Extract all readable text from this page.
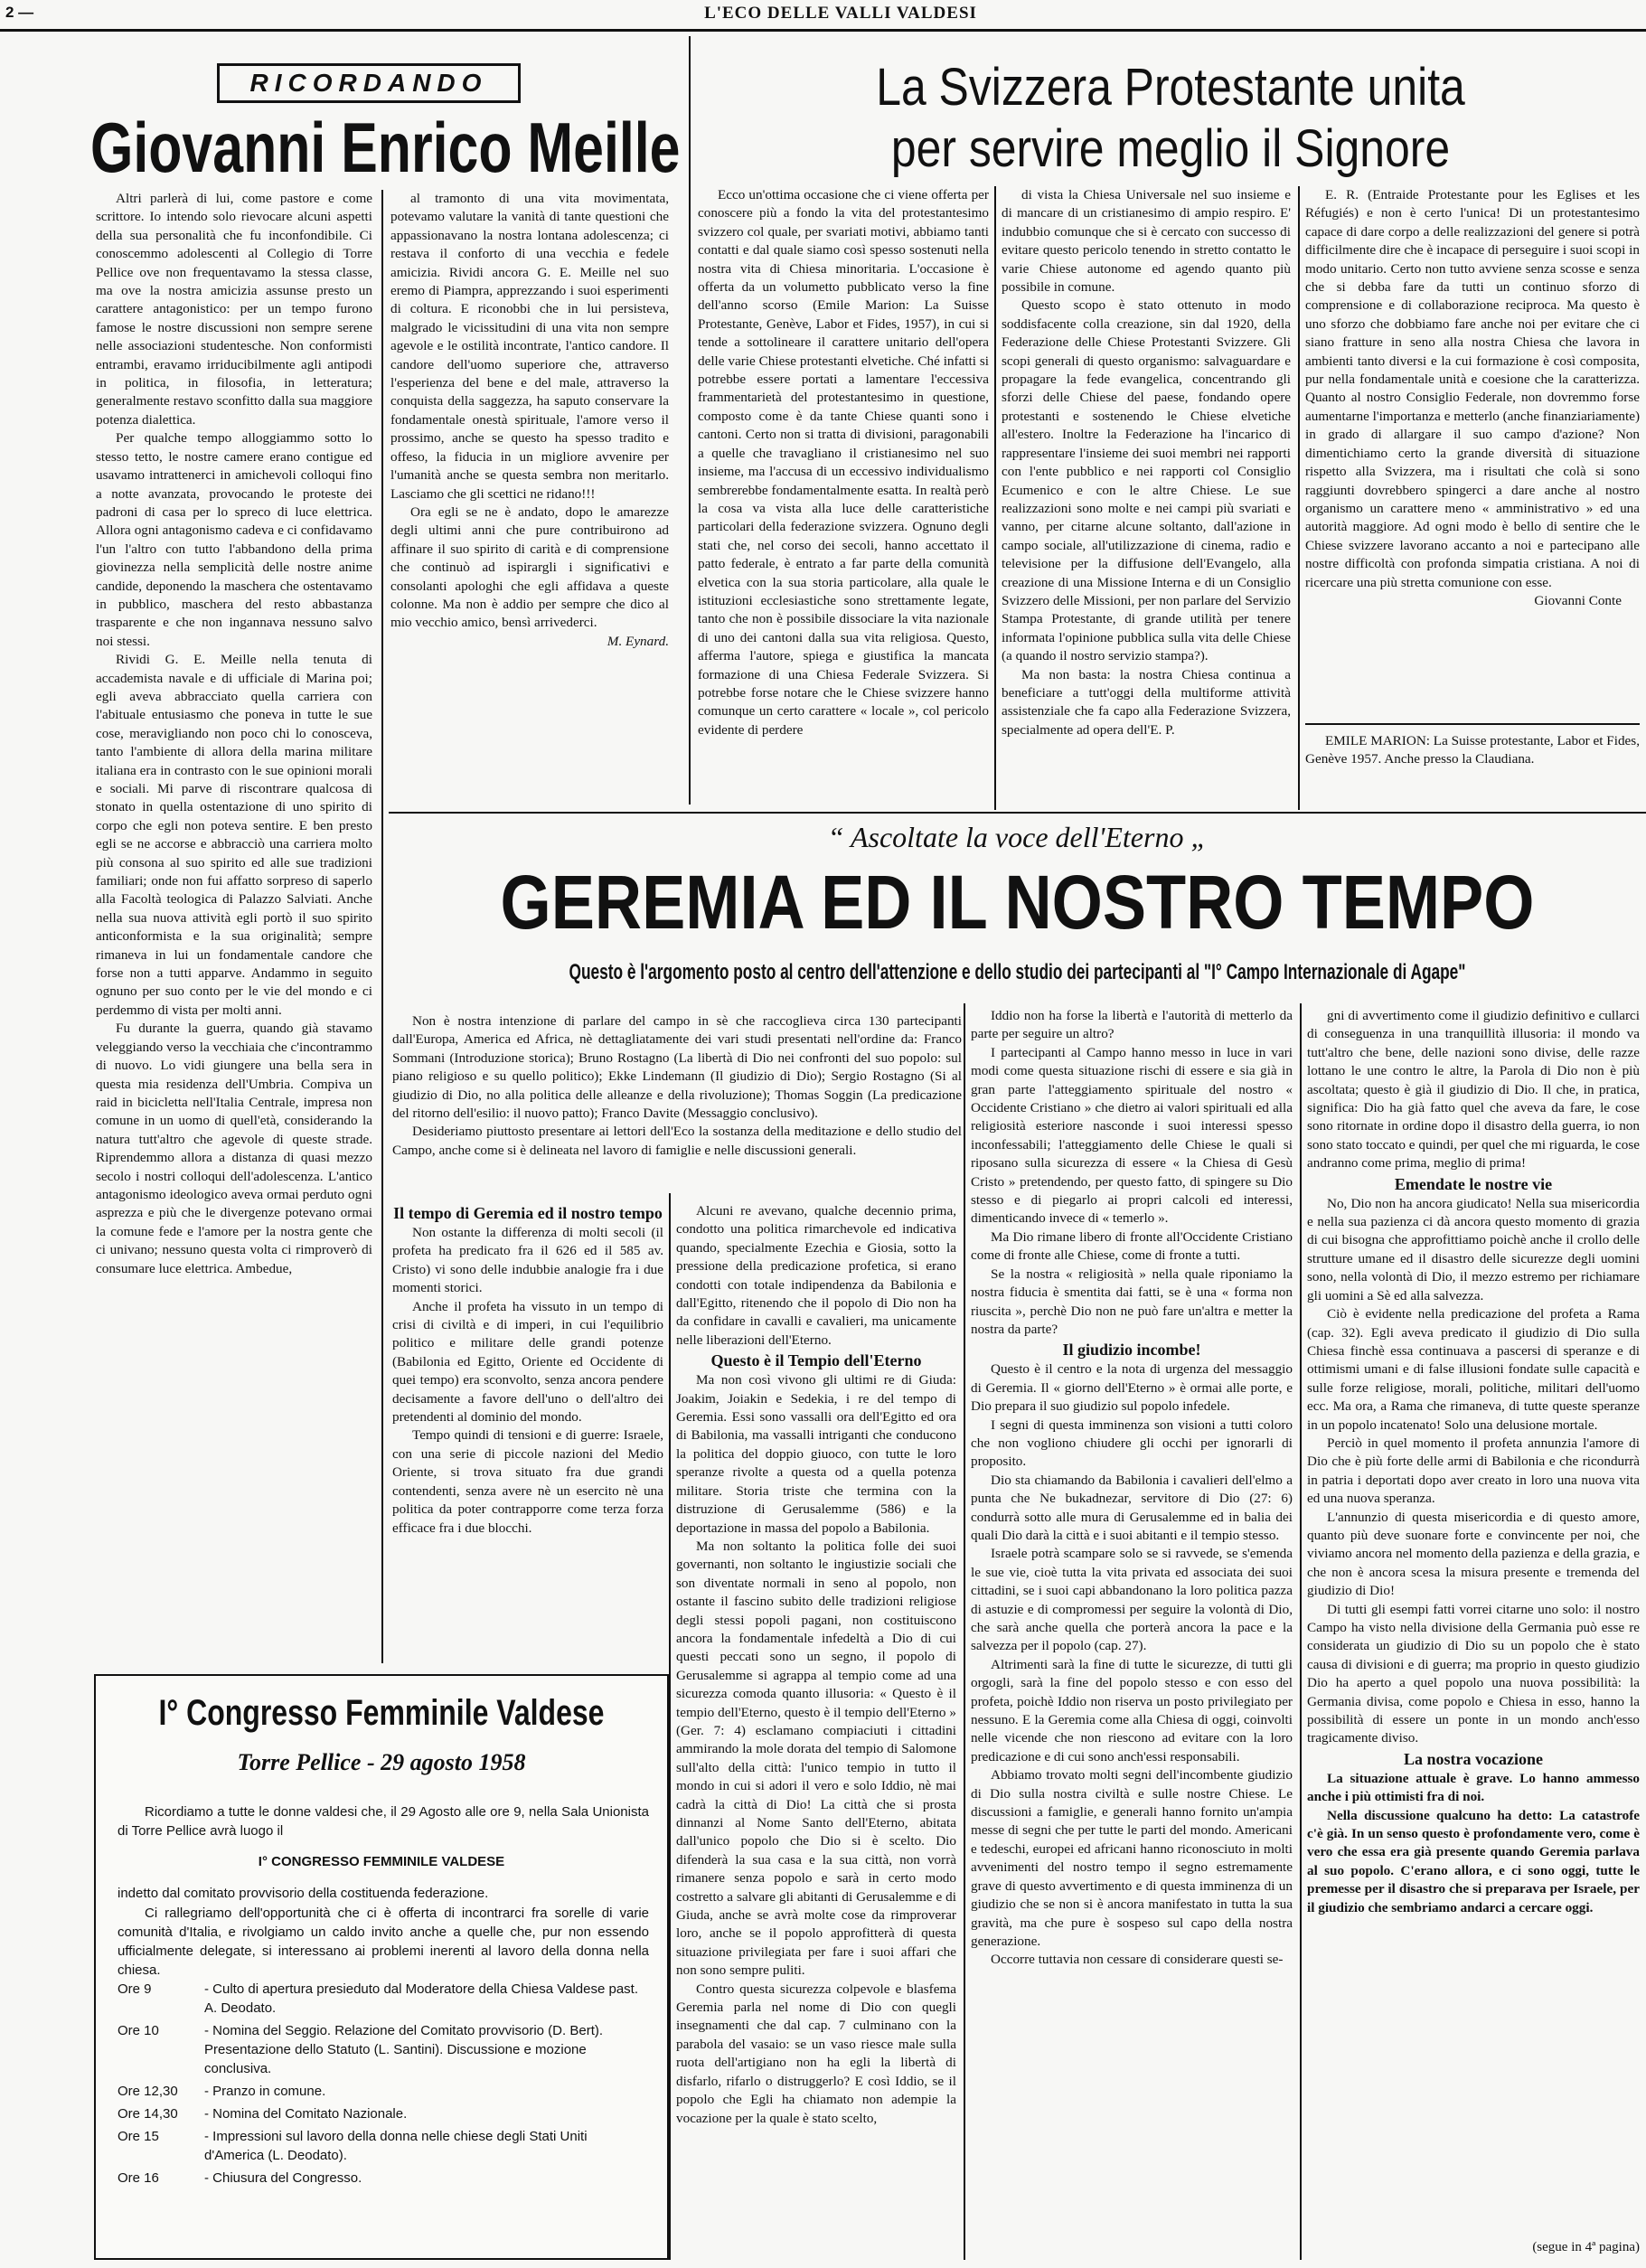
2 —	L'ECO DELLE VALLI VALDESI
RICORDANDO
Giovanni Enrico Meille

Altri parlerà di lui, come pastore e come scrittore. Io intendo solo rievocare alcuni aspetti della sua personalità che fu inconfondibile. Ci conoscemmo adolescenti al Collegio di Torre Pellice ove non frequentavamo la stessa classe, ma ove la nostra amicizia assunse presto un carattere antagonistico: per un tempo furono famose le nostre discussioni non sempre serene nelle associazioni studentesche. Non conformisti entrambi, eravamo irriducibilmente agli antipodi in politica, in filosofia, in letteratura; generalmente restavo sconfitto dalla sua maggiore potenza dialettica.

Per qualche tempo alloggiammo sotto lo stesso tetto, le nostre camere erano contigue ed usavamo intrattenerci in amichevoli colloqui fino a notte avanzata, provocando le proteste dei padroni di casa per lo spreco di luce elettrica. Allora ogni antagonismo cadeva e ci confidavamo l'un l'altro con tutto l'abbandono della prima giovinezza nella semplicità delle nostre anime candide, deponendo la maschera che ostentavamo in pubblico, maschera del resto abbastanza trasparente e che non ingannava nessuno salvo noi stessi.

Rividi G. E. Meille nella tenuta di accademista navale e di ufficiale di Marina poi; egli aveva abbracciato quella carriera con l'abituale entusiasmo che poneva in tutte le sue cose, meravigliando non poco chi lo conosceva, tanto l'ambiente di allora della marina militare italiana era in contrasto con le sue opinioni morali e sociali. Mi parve di riscontrare qualcosa di stonato in quella ostentazione di uno spirito di corpo che egli non poteva sentire. E ben presto egli se ne accorse e abbracciò una carriera molto più consona al suo spirito ed alle sue tradizioni familiari; onde non fui affatto sorpreso di saperlo alla Facoltà teologica di Palazzo Salviati. Anche nella sua nuova attività egli portò il suo spirito anticonformista e la sua originalità; sempre rimaneva in lui un fondamentale candore che forse non a tutti apparve. Andammo in seguito ognuno per suo conto per le vie del mondo e ci perdemmo di vista per molti anni.

Fu durante la guerra, quando già stavamo veleggiando verso la vecchiaia che c'incontrammo di nuovo. Lo vidi giungere una bella sera in questa mia residenza dell'Umbria. Compiva un raid in bicicletta nell'Italia Centrale, impresa non comune in un uomo di quell'età, considerando la natura tutt'altro che agevole di queste strade. Riprendemmo allora a distanza di quasi mezzo secolo i nostri colloqui dell'adolescenza. L'antico antagonismo ideologico aveva ormai perduto ogni asprezza e più che le divergenze potevano ormai la comune fede e l'amore per la nostra gente che ci univano; nessuno questa volta ci rimproverò di consumare luce elettrica. Ambedue,

al tramonto di una vita movimentata, potevamo valutare la vanità di tante questioni che appassionavano la nostra lontana adolescenza; ci restava il conforto di una vecchia e fedele amicizia. Rividi ancora G. E. Meille nel suo eremo di Piampra, apprezzando i suoi esperimenti di coltura. E riconobbi che in lui persisteva, malgrado le vicissitudini di una vita non sempre agevole e le ostilità incontrate, l'antico candore. Il candore dell'uomo superiore che, attraverso l'esperienza del bene e del male, attraverso la conquista della saggezza, ha saputo conservare la fondamentale onestà spirituale, l'amore verso il prossimo, anche se questo ha spesso tradito e offeso, la fiducia in un migliore avvenire per l'umanità anche se questa sembra non meritarlo. Lasciamo che gli scettici ne ridano!!!

Ora egli se ne è andato, dopo le amarezze degli ultimi anni che pure contribuirono ad affinare il suo spirito di carità e di comprensione che continuò ad ispirargli i significativi e consolanti apologhi che egli affidava a queste colonne. Ma non è addio per sempre che dico al mio vecchio amico, bensì arrivederci.

M. Eynard.

La Svizzera Protestante unita
per servire meglio il Signore

Ecco un'ottima occasione che ci viene offerta per conoscere più a fondo la vita del protestantesimo svizzero col quale, per svariati motivi, abbiamo tanti contatti e dal quale siamo così spesso sostenuti nella nostra vita di Chiesa minoritaria. L'occasione è offerta da un volumetto pubblicato verso la fine dell'anno scorso (Emile Marion: La Suisse Protestante, Genève, Labor et Fides, 1957), in cui si tende a sottolineare il carattere unitario dell'opera delle varie Chiese protestanti elvetiche. Ché infatti si potrebbe essere portati a lamentare l'eccessiva frammentarietà del protestantesimo in questione, composto come è da tante Chiese quanti sono i cantoni. Certo non si tratta di divisioni, paragonabili a quelle che travagliano il cristianesimo nel suo insieme, ma l'accusa di un eccessivo individualismo sembrerebbe fondamentalmente esatta. In realtà però la cosa va vista alla luce delle caratteristiche particolari della federazione svizzera. Ognuno degli stati che, nel corso dei secoli, hanno accettato il patto federale, è entrato a far parte della comunità elvetica con la sua storia particolare, alla quale le istituzioni ecclesiastiche sono strettamente legate, tanto che non è possibile dissociare la vita nazionale di uno dei cantoni dalla sua vita religiosa. Questo, afferma l'autore, spiega e giustifica la mancata formazione di una Chiesa Federale Svizzera. Si potrebbe forse notare che le Chiese svizzere hanno comunque un certo carattere « locale », col pericolo evidente di perdere

di vista la Chiesa Universale nel suo insieme e di mancare di un cristianesimo di ampio respiro. E' indubbio comunque che si è cercato con successo di evitare questo pericolo tenendo in stretto contatto le varie Chiese autonome ed agendo quanto più possibile in comune.

Questo scopo è stato ottenuto in modo soddisfacente colla creazione, sin dal 1920, della Federazione delle Chiese Protestanti Svizzere. Gli scopi generali di questo organismo: salvaguardare e propagare la fede evangelica, concentrando gli sforzi delle Chiese del paese, fondando opere protestanti e sostenendo le Chiese elvetiche all'estero. Inoltre la Federazione ha l'incarico di rappresentare l'insieme dei suoi membri nei rapporti con l'ente pubblico e nei rapporti col Consiglio Ecumenico e con le altre Chiese. Le sue realizzazioni sono molte e nei campi più svariati e vanno, per citarne alcune soltanto, dall'azione in campo sociale, all'utilizzazione di cinema, radio e televisione per la diffusione dell'Evangelo, alla creazione di una Missione Interna e di un Consiglio Svizzero delle Missioni, per non parlare del Servizio Stampa Protestante, di grande utilità per tenere informata l'opinione pubblica sulla vita delle Chiese (a quando il nostro servizio stampa?).

Ma non basta: la nostra Chiesa continua a beneficiare a tutt'oggi della multiforme attività assistenziale che fa capo alla Federazione Svizzera, specialmente ad opera dell'E. P.

E. R. (Entraide Protestante pour les Eglises et les Réfugiés) e non è certo l'unica! Di un protestantesimo capace di dare corpo a delle realizzazioni del genere si potrà difficilmente dire che è incapace di perseguire i suoi scopi in modo unitario. Certo non tutto avviene senza scosse e senza che si debba fare da tutti un continuo sforzo di comprensione e di collaborazione reciproca. Ma questo è uno sforzo che dobbiamo fare anche noi per evitare che ci siano fratture in seno alla nostra Chiesa che lavora in ambienti tanto diversi e la cui formazione è così composita, pur nella fondamentale unità e coesione che la caratterizza. Quanto al nostro Consiglio Federale, non dovremmo forse aumentarne l'importanza e metterlo (anche finanziariamente) in grado di allargare il suo campo d'azione? Non dimentichiamo certo la grande diversità di situazione rispetto alla Svizzera, ma i risultati che colà si sono raggiunti dovrebbero spingerci a dare anche al nostro organismo un carattere meno « amministrativo » ed una autorità maggiore. Ad ogni modo è bello di sentire che le Chiese svizzere lavorano accanto a noi e partecipano alle nostre difficoltà con profonda simpatia cristiana. A noi di ricercare una più stretta comunione con esse.

Giovanni Conte

EMILE MARION: La Suisse protestante, Labor et Fides, Genève 1957. Anche presso la Claudiana.
“ Ascoltate la voce dell'Eterno „
GEREMIA ED IL NOSTRO TEMPO
Questo è l'argomento posto al centro dell'attenzione e dello studio dei partecipanti al "I° Campo Internazionale di Agape"

Non è nostra intenzione di parlare del campo in sè che raccoglieva circa 130 partecipanti dall'Europa, America ed Africa, nè dettagliatamente dei vari studi presentati nell'ordine da: Franco Sommani (Introduzione storica); Bruno Rostagno (La libertà di Dio nei confronti del suo popolo: sul piano religioso e su quello politico); Ekke Lindemann (Il giudizio di Dio); Sergio Rostagno (Si al giudizio di Dio, no alla politica delle alleanze e della rivoluzione); Thomas Soggin (La predicazione del ritorno dell'esilio: il nuovo patto); Franco Davite (Messaggio conclusivo).

Desideriamo piuttosto presentare ai lettori dell'Eco la sostanza della meditazione e dello studio del Campo, anche come si è delineata nel lavoro di famiglie e nelle discussioni generali.

Il tempo di Geremia ed il nostro tempo

Non ostante la differenza di molti secoli (il profeta ha predicato fra il 626 ed il 585 av. Cristo) vi sono delle indubbie analogie fra i due momenti storici.

Anche il profeta ha vissuto in un tempo di crisi di civiltà e di imperi, in cui l'equilibrio politico e militare delle grandi potenze (Babilonia ed Egitto, Oriente ed Occidente di quei tempo) era sconvolto, senza ancora pendere decisamente a favore dell'uno o dell'altro dei pretendenti al dominio del mondo.

Tempo quindi di tensioni e di guerre: Israele, con una serie di piccole nazioni del Medio Oriente, si trova situato fra due grandi contendenti, senza avere nè un esercito nè una politica da poter contrapporre come terza forza efficace fra i due blocchi.

Alcuni re avevano, qualche decennio prima, condotto una politica rimarchevole ed indicativa quando, specialmente Ezechia e Giosia, sotto la pressione della predicazione profetica, si erano condotti con totale indipendenza da Babilonia e dall'Egitto, ritenendo che il popolo di Dio non ha da confidare in cavalli e cavalieri, ma unicamente nelle liberazioni dell'Eterno.

Questo è il Tempio dell'Eterno

Ma non così vivono gli ultimi re di Giuda: Joakim, Joiakin e Sedekia, i re del tempo di Geremia. Essi sono vassalli ora dell'Egitto ed ora di Babilonia, ma vassalli intriganti che conducono la politica del doppio giuoco, con tutte le loro speranze rivolte a questa od a quella potenza militare. Storia triste che termina con la distruzione di Gerusalemme (586) e la deportazione in massa del popolo a Babilonia.

Ma non soltanto la politica folle dei suoi governanti, non soltanto le ingiustizie sociali che son diventate normali in seno al popolo, non ostante il fascino subito delle tradizioni religiose degli stessi popoli pagani, non costituiscono ancora la fondamentale infedeltà a Dio di cui questi peccati sono un segno, il popolo di Gerusalemme si agrappa al tempio come ad una sicurezza comoda quanto illusoria: « Questo è il tempio dell'Eterno, questo è il tempio dell'Eterno » (Ger. 7: 4) esclamano compiaciuti i cittadini ammirando la mole dorata del tempio di Salomone sull'alto della città: l'unico tempio in tutto il mondo in cui si adori il vero e solo Iddio, nè mai cadrà la città di Dio! La città che si prosta dinnanzi al Nome Santo dell'Eterno, abitata dall'unico popolo che Dio si è scelto. Dio difenderà la sua casa e la sua città, non vorrà rimanere senza popolo e sarà in certo modo costretto a salvare gli abitanti di Gerusalemme e di Giuda, anche se avrà molte cose da rimproverar loro, anche se il popolo approfitterà di questa situazione privilegiata per fare i suoi affari che non sono sempre puliti.

Contro questa sicurezza colpevole e blasfema Geremia parla nel nome di Dio con quegli insegnamenti che dal cap. 7 culminano con la parabola del vasaio: se un vaso riesce male sulla ruota dell'artigiano non ha egli la libertà di disfarlo, rifarlo o distruggerlo? E così Iddio, se il popolo che Egli ha chiamato non adempie la vocazione per la quale è stato scelto,

Iddio non ha forse la libertà e l'autorità di metterlo da parte per seguire un altro?

I partecipanti al Campo hanno messo in luce in vari modi come questa situazione rischi di essere e sia già in gran parte l'atteggiamento spirituale del nostro « Occidente Cristiano » che dietro ai valori spirituali ed alla religiosità esteriore nasconde i suoi interessi spesso inconfessabili; l'atteggiamento delle Chiese le quali si riposano sulla sicurezza di essere « la Chiesa di Gesù Cristo » pretendendo, per questo fatto, di spingere su Dio stesso e di piegarlo ai propri calcoli ed interessi, dimenticando invece di « temerlo ».

Ma Dio rimane libero di fronte all'Occidente Cristiano come di fronte alle Chiese, come di fronte a tutti.

Se la nostra « religiosità » nella quale riponiamo la nostra fiducia è smentita dai fatti, se è una « forma non riuscita », perchè Dio non ne può fare un'altra e metter la nostra da parte?

Il giudizio incombe!

Questo è il centro e la nota di urgenza del messaggio di Geremia. Il « giorno dell'Eterno » è ormai alle porte, e Dio prepara il suo giudizio sul popolo infedele.

I segni di questa imminenza son visioni a tutti coloro che non vogliono chiudere gli occhi per ignorarli di proposito.

Dio sta chiamando da Babilonia i cavalieri dell'elmo a punta che Ne bukadnezar, servitore di Dio (27: 6) condurrà sotto alle mura di Gerusalemme ed in balia dei quali Dio darà la città e i suoi abitanti e il tempio stesso.

Israele potrà scampare solo se si ravvede, se s'emenda le sue vie, cioè tutta la vita privata ed associata dei suoi cittadini, se i suoi capi abbandonano la loro politica pazza di astuzie e di compromessi per seguire la volontà di Dio, che sarà anche quella che porterà ancora la pace e la salvezza per il popolo (cap. 27).

Altrimenti sarà la fine di tutte le sicurezze, di tutti gli orgogli, sarà la fine del popolo stesso e con esso del profeta, poichè Iddio non riserva un posto privilegiato per nessuno. E la Geremia come alla Chiesa di oggi, coinvolti nelle vicende che non riescono ad evitare con la loro predicazione e di cui sono anch'essi responsabili.

Abbiamo trovato molti segni dell'incombente giudizio di Dio sulla nostra civiltà e sulle nostre Chiese. Le discussioni a famiglie, e generali hanno fornito un'ampia messe di segni che per tutte le parti del mondo. Americani e tedeschi, europei ed africani hanno riconosciuto in molti avvenimenti del nostro tempo il segno estremamente grave di questo avvertimento e di questa imminenza di un giudizio che se non si è ancora manifestato in tutta la sua gravità, ma che pure è sospeso sul capo della nostra generazione.

Occorre tuttavia non cessare di considerare questi se-

gni di avvertimento come il giudizio definitivo e cullarci di conseguenza in una tranquillità illusoria: il mondo va tutt'altro che bene, delle nazioni sono divise, delle razze lottano le une contro le altre, la Parola di Dio non è più ascoltata; questo è già il giudizio di Dio. Il che, in pratica, significa: Dio ha già fatto quel che aveva da fare, le cose sono ritornate in ordine dopo il disastro della guerra, io non sono stato toccato e quindi, per quel che mi riguarda, le cose andranno come prima, meglio di prima!

Emendate le nostre vie

No, Dio non ha ancora giudicato! Nella sua misericordia e nella sua pazienza ci dà ancora questo momento di grazia di cui bisogna che approfittiamo poichè anche il crollo delle strutture umane ed il disastro delle sicurezze degli uomini sono, nella volontà di Dio, il mezzo estremo per richiamare gli uomini a Sè ed alla salvezza.

Ciò è evidente nella predicazione del profeta a Rama (cap. 32). Egli aveva predicato il giudizio di Dio sulla Chiesa finchè essa continuava a pascersi di speranze e di ottimismi umani e di false illusioni fondate sulle capacità e sulle forze religiose, morali, politiche, militari dell'uomo ecc. Ma ora, a Rama che rimaneva, di tutte queste speranze in un popolo incatenato! Solo una delusione mortale.

Perciò in quel momento il profeta annunzia l'amore di Dio che è più forte delle armi di Babilonia e che ricondurrà in patria i deportati dopo aver creato in loro una nuova vita ed una nuova speranza.

L'annunzio di questa misericordia e di questo amore, quanto più deve suonare forte e convincente per noi, che viviamo ancora nel momento della pazienza e della grazia, e che non è ancora scesa la misura presente e tremenda del giudizio di Dio!

Di tutti gli esempi fatti vorrei citarne uno solo: il nostro Campo ha visto nella divisione della Germania può esse re considerata un giudizio di Dio su un popolo che è stato causa di divisioni e di guerra; ma proprio in questo giudizio Dio ha aperto a quel popolo una nuova possibilità: la Germania divisa, come popolo e Chiesa in esso, hanno la possibilità di essere un ponte in un mondo anch'esso tragicamente diviso.

La nostra vocazione

La situazione attuale è grave. Lo hanno ammesso anche i più ottimisti fra di noi.

Nella discussione qualcuno ha detto: La catastrofe c'è già. In un senso questo è profondamente vero, come è vero che essa era già presente quando Geremia parlava al suo popolo. C'erano allora, e ci sono oggi, tutte le premesse per il disastro che si preparava per Israele, per il giudizio che sembriamo andarci a cercare oggi.

(segue in 4ª pagina)
I° Congresso Femminile Valdese
Torre Pellice - 29 agosto 1958
Ricordiamo a tutte le donne valdesi che, il 29 Agosto alle ore 9, nella Sala Unionista di Torre Pellice avrà luogo il
I° CONGRESSO FEMMINILE VALDESE
indetto dal comitato provvisorio della costituenda federazione.
Ci rallegriamo dell'opportunità che ci è offerta di incontrarci fra sorelle di varie comunità d'Italia, e rivolgiamo un caldo invito anche a quelle che, pur non essendo ufficialmente delegate, si interessano ai problemi inerenti al lavoro della donna nella chiesa.
Ore 9	- Culto di apertura presieduto dal Moderatore della Chiesa Valdese past. A. Deodato.
Ore 10	- Nomina del Seggio. Relazione del Comitato provvisorio (D. Bert). Presentazione dello Statuto (L. Santini). Discussione e mozione conclusiva.
Ore 12,30	- Pranzo in comune.
Ore 14,30	- Nomina del Comitato Nazionale.
Ore 15	- Impressioni sul lavoro della donna nelle chiese degli Stati Uniti d'America (L. Deodato).
Ore 16	- Chiusura del Congresso.
